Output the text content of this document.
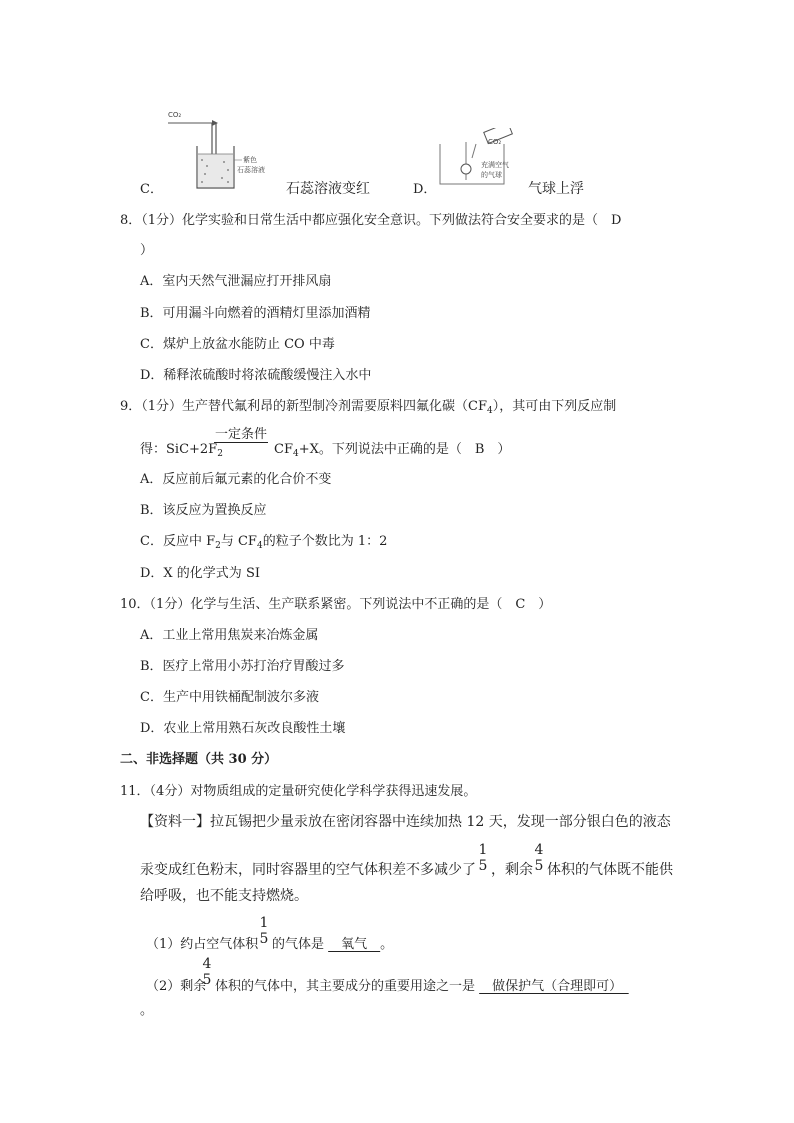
C．
CO₂
紫色
石蕊溶液
石蕊溶液变红	D．
CO₂
充满空气
的气球
气球上浮
8．（1分）化学实验和日常生活中都应强化安全意识。下列做法符合安全要求的是（　D
）
A．室内天然气泄漏应打开排风扇
B．可用漏斗向燃着的酒精灯里添加酒精
C．煤炉上放盆水能防止 CO 中毒
D．稀释浓硫酸时将浓硫酸缓慢注入水中
9．（1分）生产替代氟利昂的新型制冷剂需要原料四氟化碳$(CF_4)$，其可由下列反应制
得：$SiC+2F_2$
一定条件
$CF_4+X$。下列说法中正确的是（　B　）
A．反应前后氟元素的化合价不变
B．该反应为置换反应
C．反应中 $F_2$与 $CF_4$的粒子个数比为 1：2
D．X 的化学式为 SI
10．（1分）化学与生活、生产联系紧密。下列说法中不正确的是（　C　）
A．工业上常用焦炭来冶炼金属
B．医疗上常用小苏打治疗胃酸过多
C．生产中用铁桶配制波尔多液
D．农业上常用熟石灰改良酸性土壤
二、非选择题（共 30 分）
11．（4分）对物质组成的定量研究使化学科学获得迅速发展。
【资料一】拉瓦锡把少量汞放在密闭容器中连续加热 12 天，发现一部分银白色的液态
汞变成红色粉末，同时容器里的空气体积差不多减少了
1
5 ，剩余
4
5 体积的气体既不能供
给呼吸，也不能支持燃烧。
（1）约占空气体积
1
5 的气体是 　氧气　。
（2）剩余
4
5 体积的气体中，其主要成分的重要用途之一是 　做保护气（合理即可）　
。
